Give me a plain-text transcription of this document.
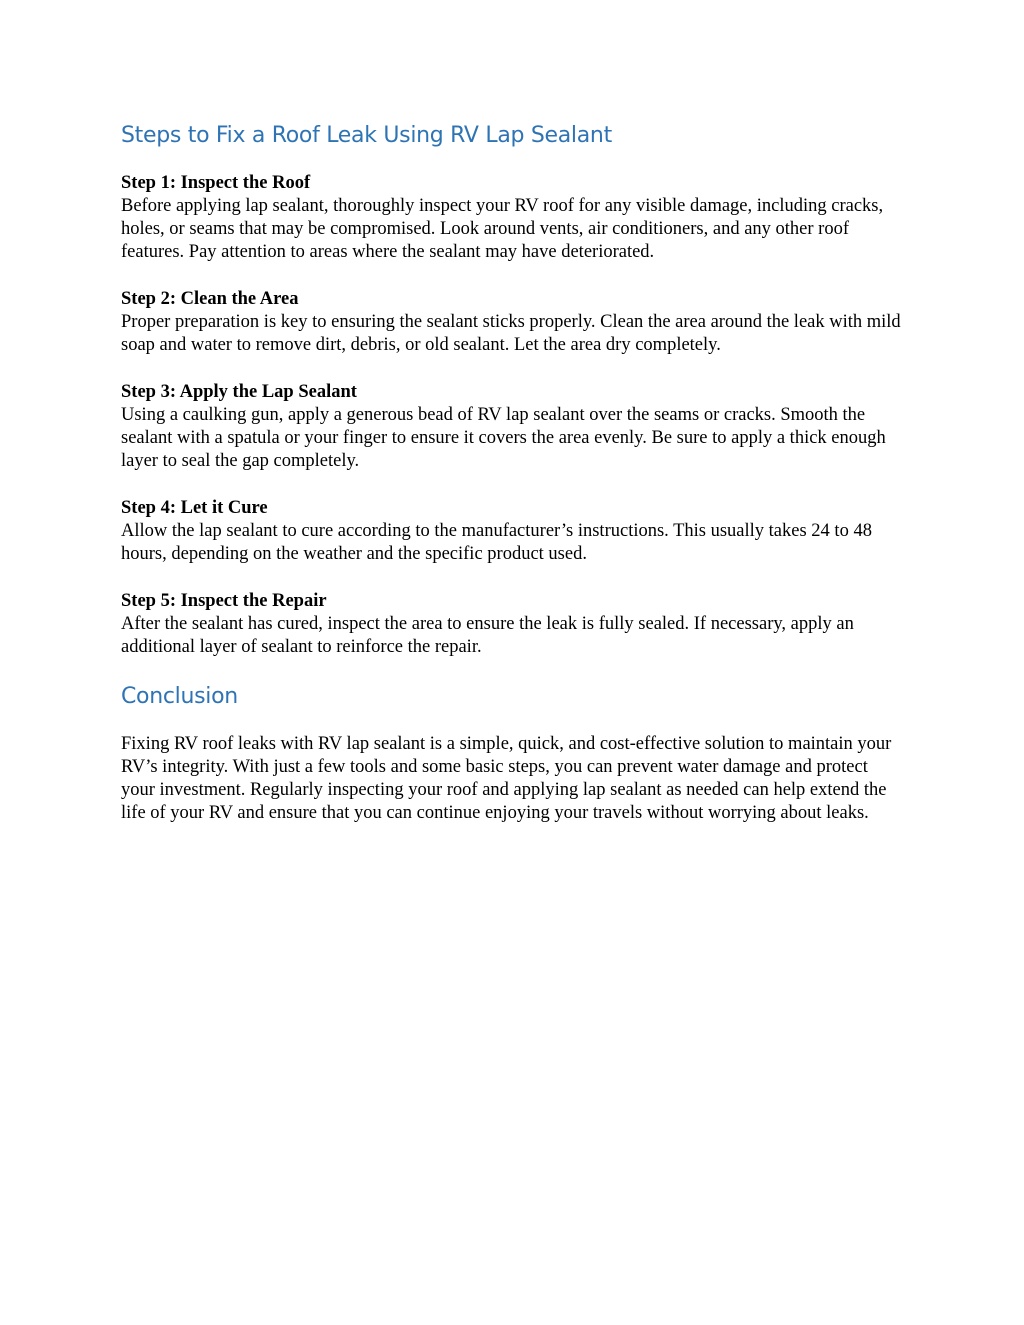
Steps to Fix a Roof Leak Using RV Lap Sealant

Step 1: Inspect the Roof

Before applying lap sealant, thoroughly inspect your RV roof for any visible damage, including cracks, holes, or seams that may be compromised. Look around vents, air conditioners, and any other roof features. Pay attention to areas where the sealant may have deteriorated.

Step 2: Clean the Area

Proper preparation is key to ensuring the sealant sticks properly. Clean the area around the leak with mild soap and water to remove dirt, debris, or old sealant. Let the area dry completely.

Step 3: Apply the Lap Sealant

Using a caulking gun, apply a generous bead of RV lap sealant over the seams or cracks. Smooth the sealant with a spatula or your finger to ensure it covers the area evenly. Be sure to apply a thick enough layer to seal the gap completely.

Step 4: Let it Cure

Allow the lap sealant to cure according to the manufacturer’s instructions. This usually takes 24 to 48 hours, depending on the weather and the specific product used.

Step 5: Inspect the Repair

After the sealant has cured, inspect the area to ensure the leak is fully sealed. If necessary, apply an additional layer of sealant to reinforce the repair.

Conclusion

Fixing RV roof leaks with RV lap sealant is a simple, quick, and cost-effective solution to maintain your RV’s integrity. With just a few tools and some basic steps, you can prevent water damage and protect your investment. Regularly inspecting your roof and applying lap sealant as needed can help extend the life of your RV and ensure that you can continue enjoying your travels without worrying about leaks.
